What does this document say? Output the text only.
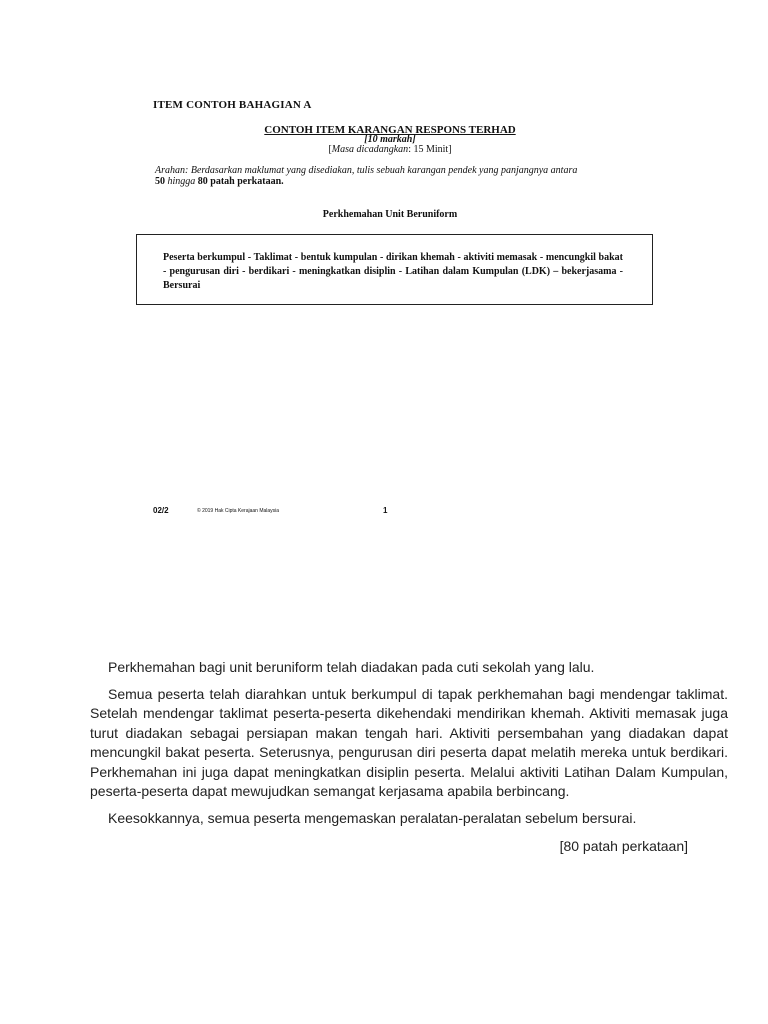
ITEM CONTOH BAHAGIAN A
CONTOH ITEM KARANGAN RESPONS TERHAD
[10 markah]
[Masa dicadangkan: 15 Minit]
Arahan: Berdasarkan maklumat yang disediakan, tulis sebuah karangan pendek yang panjangnya antara 50 hingga 80 patah perkataan.
Perkhemahan Unit Beruniform
Peserta berkumpul - Taklimat - bentuk kumpulan - dirikan khemah - aktiviti memasak - mencungkil bakat - pengurusan diri - berdikari - meningkatkan disiplin - Latihan dalam Kumpulan (LDK) – bekerjasama - Bersurai
02/2	© 2019 Hak Cipta Kerajaan Malaysia	1

Perkhemahan bagi unit beruniform telah diadakan pada cuti sekolah yang lalu.

Semua peserta telah diarahkan untuk berkumpul di tapak perkhemahan bagi mendengar taklimat. Setelah mendengar taklimat peserta-peserta dikehendaki mendirikan khemah. Aktiviti memasak juga turut diadakan sebagai persiapan makan tengah hari. Aktiviti persembahan yang diadakan dapat mencungkil bakat peserta. Seterusnya, pengurusan diri peserta dapat melatih mereka untuk berdikari. Perkhemahan ini juga dapat meningkatkan disiplin peserta. Melalui aktiviti Latihan Dalam Kumpulan, peserta-peserta dapat mewujudkan semangat kerjasama apabila berbincang.

Keesokkannya, semua peserta mengemaskan peralatan-peralatan sebelum bersurai.

[80 patah perkataan]
